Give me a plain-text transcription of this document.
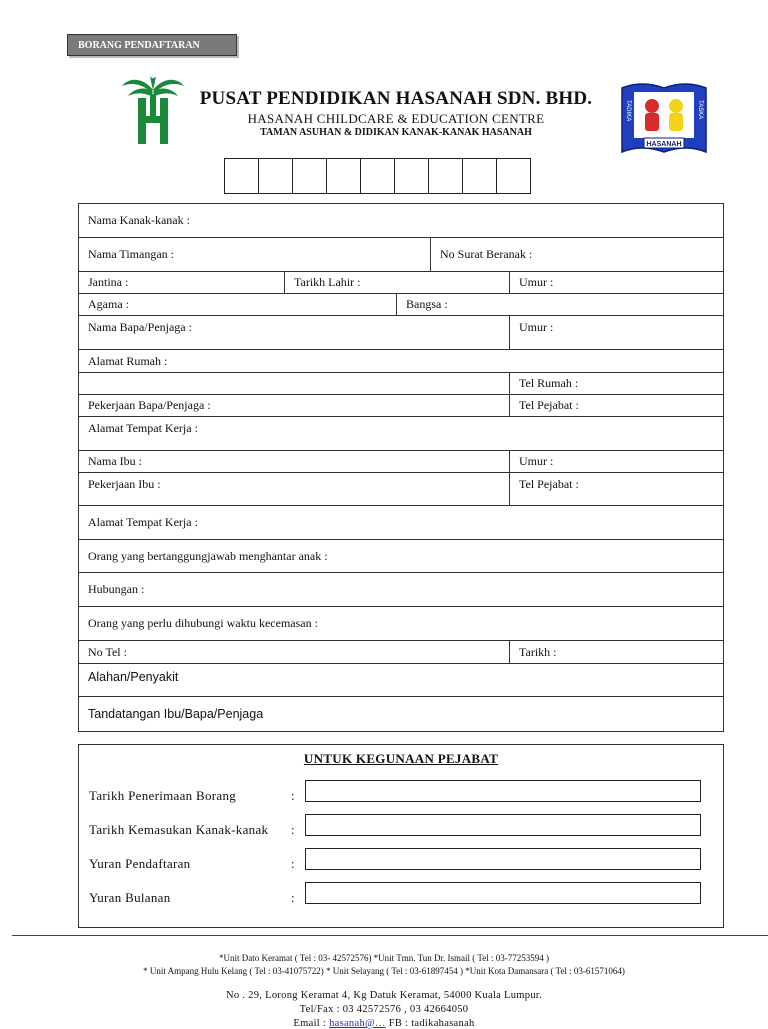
BORANG PENDAFTARAN
PUSAT PENDIDIKAN HASANAH SDN. BHD.
HASANAH CHILDCARE & EDUCATION CENTRE
TAMAN ASUHAN & DIDIKAN KANAK-KANAK HASANAH
HASANAH
TADIKA	TASKA
Nama Kanak-kanak :
Nama Timangan :	No Surat Beranak :
Jantina :	Tarikh Lahir :	Umur :
Agama :	Bangsa :
Nama Bapa/Penjaga :	Umur :
Alamat Rumah :
Tel Rumah :
Pekerjaan Bapa/Penjaga :	Tel Pejabat :
Alamat Tempat Kerja :
Nama Ibu :	Umur :
Pekerjaan Ibu :	Tel Pejabat :
Alamat Tempat Kerja :
Orang yang bertanggungjawab menghantar anak :
Hubungan :
Orang yang perlu dihubungi waktu kecemasan :
No Tel :	Tarikh :
Alahan/Penyakit
Tandatangan Ibu/Bapa/Penjaga
UNTUK KEGUNAAN PEJABAT
Tarikh Penerimaan Borang	:
Tarikh Kemasukan Kanak-kanak :
Yuran Pendaftaran	:
Yuran Bulanan	:
*Unit Dato Keramat ( Tel : 03- 42572576) *Unit Tmn. Tun Dr. Ismail ( Tel : 03-77253594 )
* Unit Ampang Hulu Kelang ( Tel : 03-41075722) * Unit Selayang ( Tel : 03-61897454 ) *Unit Kota Damansara ( Tel : 03-61571064)
No . 29, Lorong Keramat 4, Kg Datuk Keramat, 54000 Kuala Lumpur.
Tel/Fax : 03 42572576 , 03 42664050
Email : hasanah@… FB : tadikahasanah
